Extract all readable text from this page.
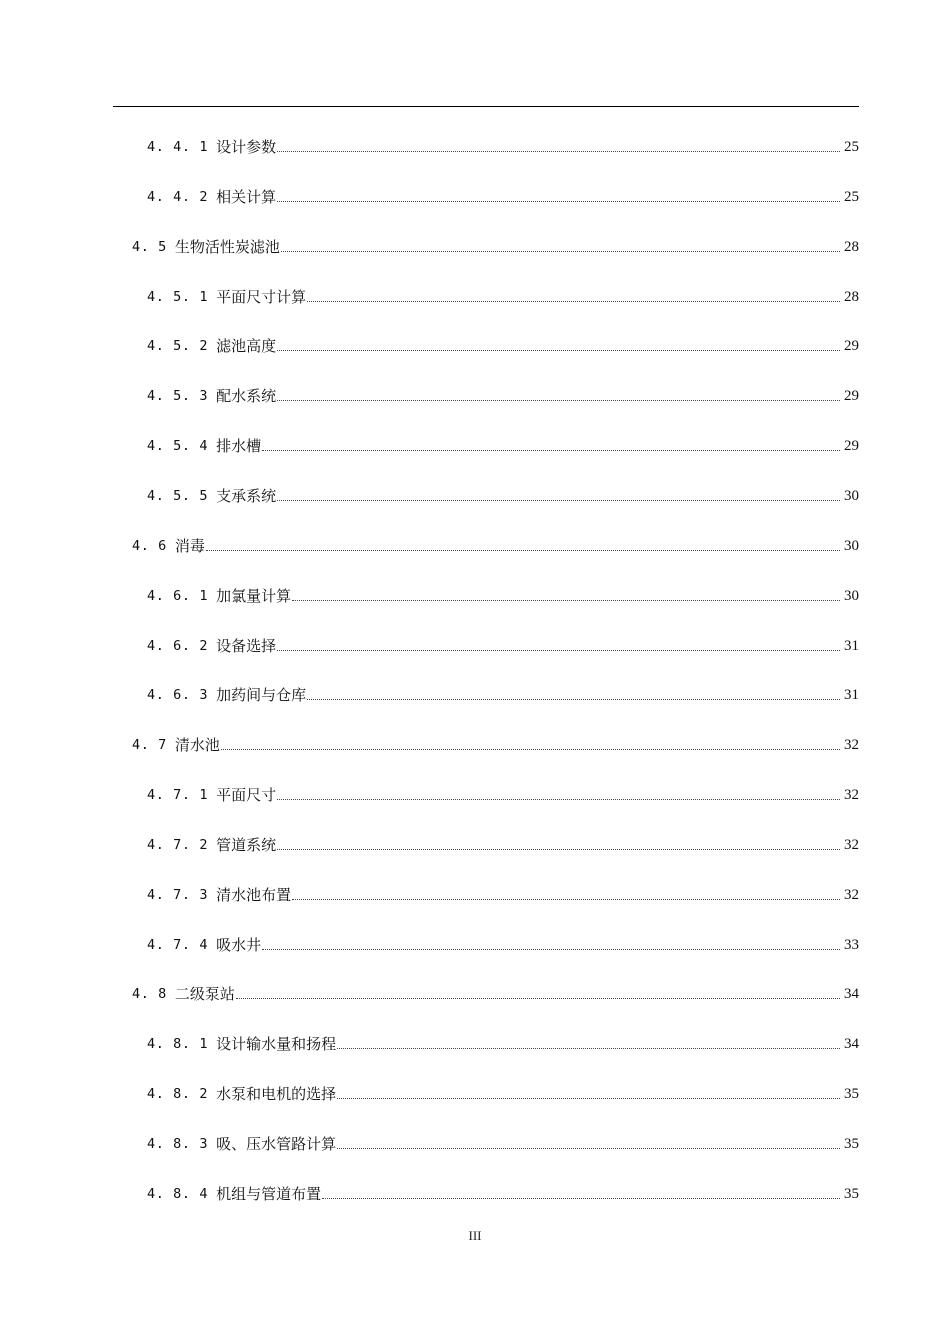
4. 4. 1 设计参数	25
4. 4. 2 相关计算	25
4. 5 生物活性炭滤池	28
4. 5. 1 平面尺寸计算	28
4. 5. 2 滤池高度	29
4. 5. 3 配水系统	29
4. 5. 4 排水槽	29
4. 5. 5 支承系统	30
4. 6 消毒	30
4. 6. 1 加氯量计算	30
4. 6. 2 设备选择	31
4. 6. 3 加药间与仓库	31
4. 7 清水池	32
4. 7. 1 平面尺寸	32
4. 7. 2 管道系统	32
4. 7. 3 清水池布置	32
4. 7. 4 吸水井	33
4. 8 二级泵站	34
4. 8. 1 设计输水量和扬程	34
4. 8. 2 水泵和电机的选择	35
4. 8. 3 吸、压水管路计算	35
4. 8. 4 机组与管道布置	35
III
